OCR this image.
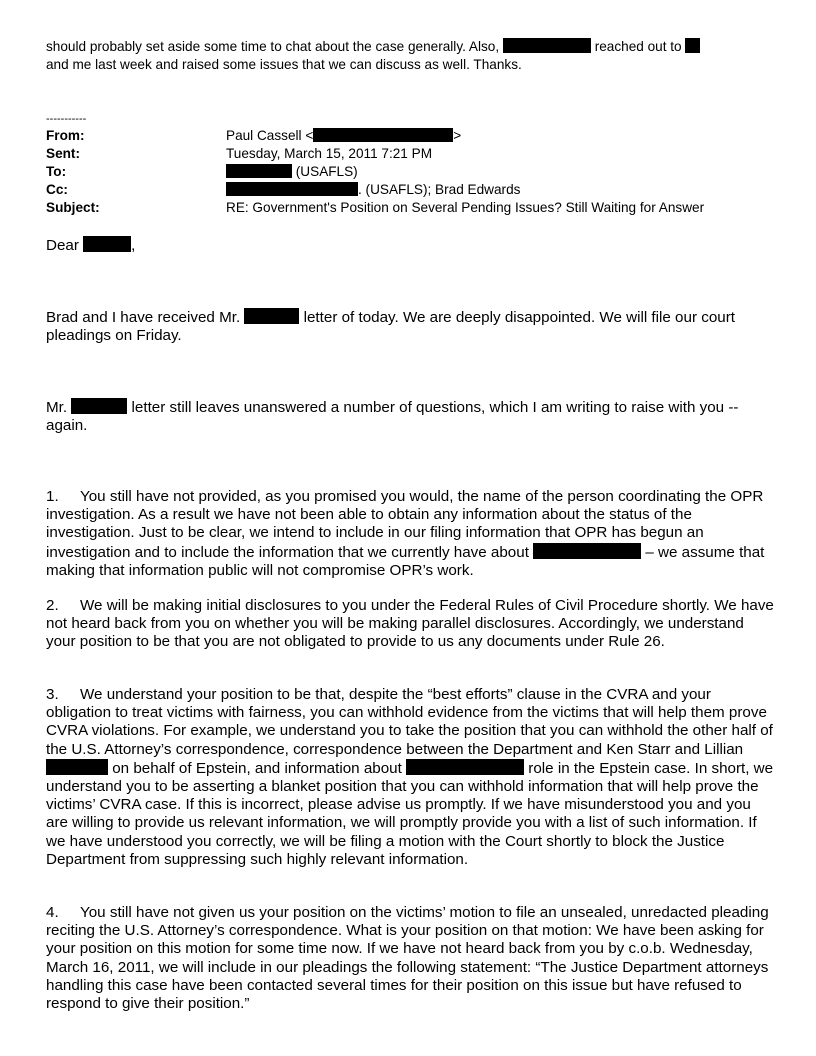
should probably set aside some time to chat about the case generally. Also,	reached out to
and me last week and raised some issues that we can discuss as well. Thanks.
-----------
From:	Paul Cassell <	>
Sent:	Tuesday, March 15, 2011 7:21 PM
To:	(USAFLS)
Cc:	. (USAFLS); Brad Edwards
Subject:	RE: Government's Position on Several Pending Issues? Still Waiting for Answer
Dear	,

Brad and I have received Mr.	letter of today. We are deeply disappointed. We will file our court pleadings on Friday.

Mr.	letter still leaves unanswered a number of questions, which I am writing to raise with you -- again.

1. You still have not provided, as you promised you would, the name of the person coordinating the OPR investigation. As a result we have not been able to obtain any information about the status of the investigation. Just to be clear, we intend to include in our filing information that OPR has begun an investigation and to include the information that we currently have about	– we assume that making that information public will not compromise OPR’s work.

2. We will be making initial disclosures to you under the Federal Rules of Civil Procedure shortly. We have not heard back from you on whether you will be making parallel disclosures. Accordingly, we understand your position to be that you are not obligated to provide to us any documents under Rule 26.

3. We understand your position to be that, despite the “best efforts” clause in the CVRA and your obligation to treat victims with fairness, you can withhold evidence from the victims that will help them prove CVRA violations. For example, we understand you to take the position that you can withhold the other half of the U.S. Attorney’s correspondence, correspondence between the Department and Ken Starr and Lillian  on behalf of Epstein, and information about	role in the Epstein case. In short, we understand you to be asserting a blanket position that you can withhold information that will help prove the victims’ CVRA case. If this is incorrect, please advise us promptly. If we have misunderstood you and you are willing to provide us relevant information, we will promptly provide you with a list of such information. If we have understood you correctly, we will be filing a motion with the Court shortly to block the Justice Department from suppressing such highly relevant information.

4. You still have not given us your position on the victims’ motion to file an unsealed, unredacted pleading reciting the U.S. Attorney’s correspondence. What is your position on that motion: We have been asking for your position on this motion for some time now. If we have not heard back from you by c.o.b. Wednesday, March 16, 2011, we will include in our pleadings the following statement: “The Justice Department attorneys handling this case have been contacted several times for their position on this issue but have refused to respond to give their position.”
